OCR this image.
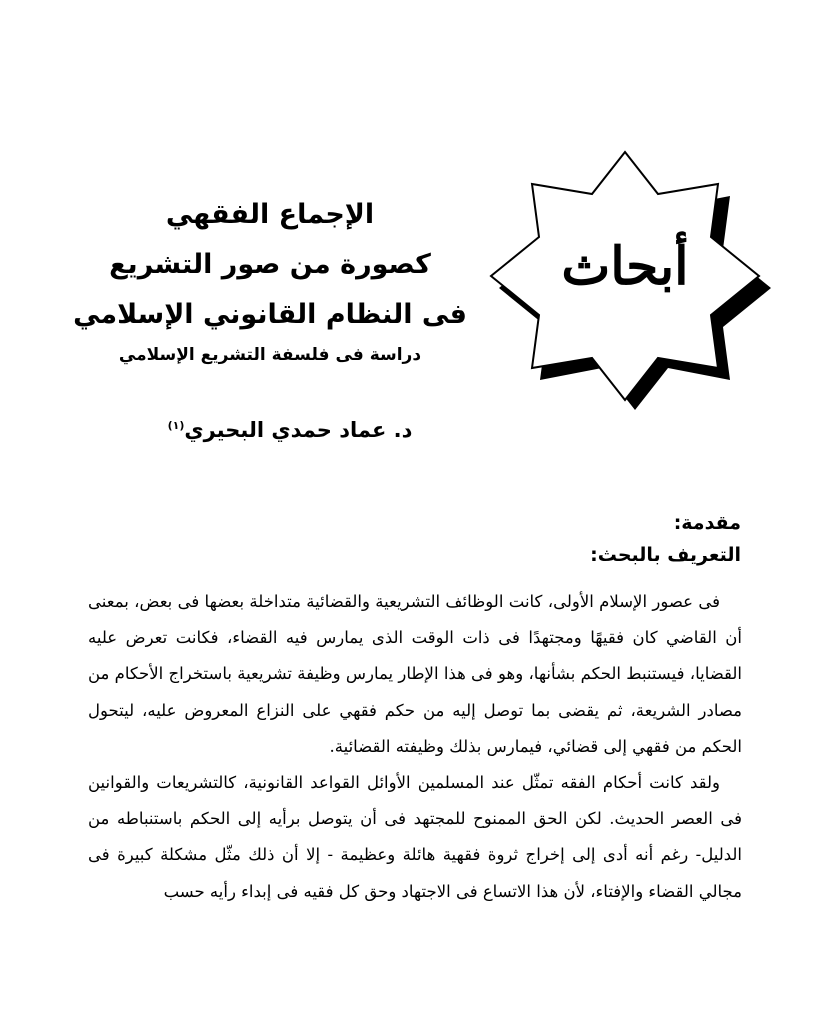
أبحاث
الإجماع الفقهي
كصورة من صور التشريع
فى النظام القانوني الإسلامي
دراسة فى فلسفة التشريع الإسلامي
د. عماد حمدي البحيري$^{(١)}$
مقدمة:
التعريف بالبحث:

فى عصور الإسلام الأولى، كانت الوظائف التشريعية والقضائية متداخلة بعضها فى بعض، بمعنى أن القاضي كان فقيهًا ومجتهدًا فى ذات الوقت الذى يمارس فيه القضاء، فكانت تعرض عليه القضايا، فيستنبط الحكم بشأنها، وهو فى هذا الإطار يمارس وظيفة تشريعية باستخراج الأحكام من مصادر الشريعة، ثم يقضى بما توصل إليه من حكم فقهي على النزاع المعروض عليه، ليتحول الحكم من فقهي إلى قضائي، فيمارس بذلك وظيفته القضائية.

ولقد كانت أحكام الفقه تمثّل عند المسلمين الأوائل القواعد القانونية، كالتشريعات والقوانين فى العصر الحديث. لكن الحق الممنوح للمجتهد فى أن يتوصل برأيه إلى الحكم باستنباطه من الدليل- رغم أنه أدى إلى إخراج ثروة فقهية هائلة وعظيمة - إلا أن ذلك مثّل مشكلة كبيرة فى مجالي القضاء والإفتاء، لأن هذا الاتساع فى الاجتهاد وحق كل فقيه فى إبداء رأيه حسب
